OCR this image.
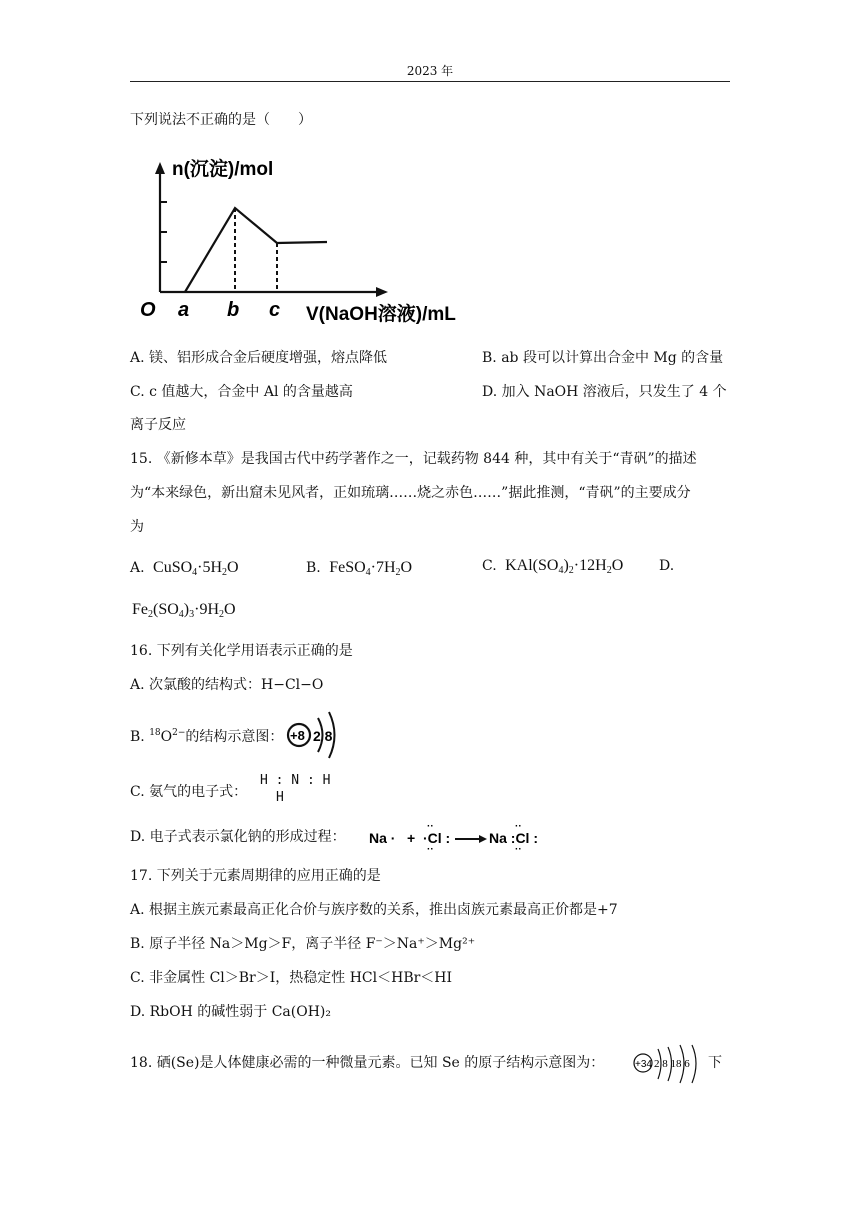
2023 年
下列说法不正确的是（　　）
n(沉淀)/mol
O a b c V(NaOH溶液)/mL
A. 镁、铝形成合金后硬度增强，熔点降低	B. ab 段可以计算出合金中 Mg 的含量
C. c 值越大，合金中 Al 的含量越高	D. 加入 NaOH 溶液后，只发生了 4 个
离子反应
15. 《新修本草》是我国古代中药学著作之一，记载药物 844 种，其中有关于“青矾”的描述
为“本来绿色，新出窟未见风者，正如琉璃……烧之赤色……”据此推测，“青矾”的主要成分
为
A.  $CuSO_4\cdot 5H_2O$	B.  $FeSO_4\cdot 7H_2O$	C.  $KAl(SO_4)_2\cdot 12H_2O$	D.
$Fe_2(SO_4)_3\cdot 9H_2O$
16. 下列有关化学用语表示正确的是
A. 次氯酸的结构式：H−Cl−O
B. $^{18}O^{2-}$的结构示意图： +8 2 8
C. 氨气的电子式：
H : N : H
H
D. 电子式表示氯化钠的形成过程： Na · + ·Cl :
··
··
Na :Cl :
··
··
17. 下列关于元素周期律的应用正确的是
A. 根据主族元素最高正化合价与族序数的关系，推出卤族元素最高正价都是+7
B. 原子半径 Na＞Mg＞F，离子半径 F⁻＞Na⁺＞Mg²⁺
C. 非金属性 Cl＞Br＞I，热稳定性 HCl＜HBr＜HI
D. RbOH 的碱性弱于 Ca(OH)₂
18. 硒(Se)是人体健康必需的一种微量元素。已知 Se 的原子结构示意图为：	+34 2 8 18 6 下
